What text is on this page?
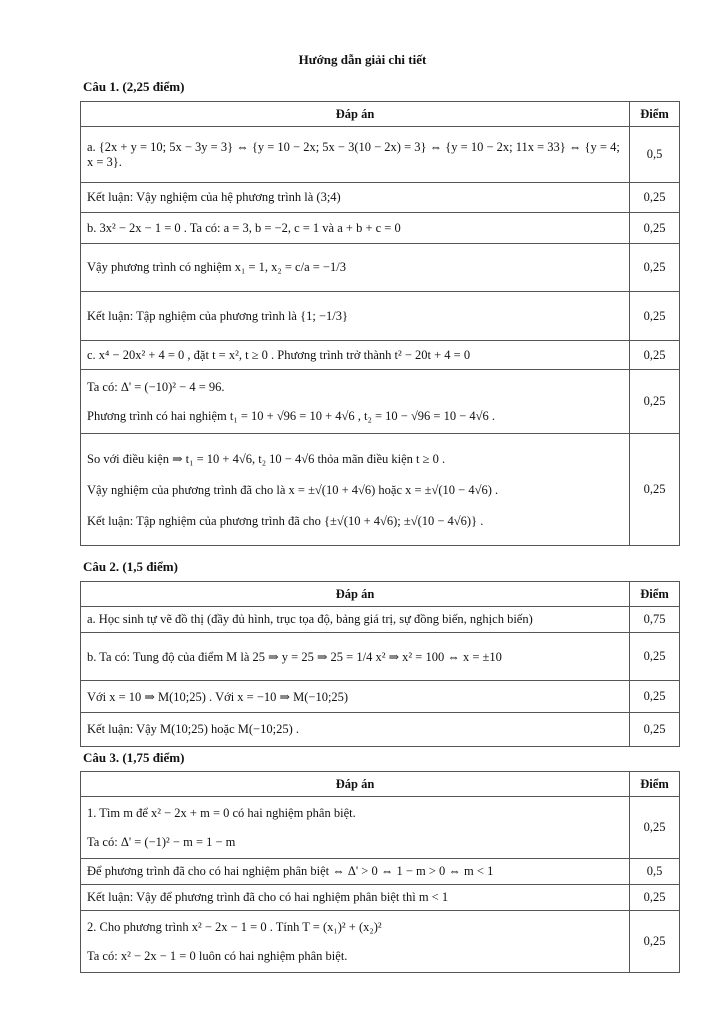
Hướng dẫn giải chi tiết
Câu 1. (2,25 điểm)
Đáp án	Điểm
a. {2x + y = 10; 5x − 3y = 3} ⇔ {y = 10 − 2x; 5x − 3(10 − 2x) = 3} ⇔ {y = 10 − 2x; 11x = 33} ⇔ {y = 4; x = 3}.	0,5
Kết luận: Vậy nghiệm của hệ phương trình là (3;4)	0,25
b. 3x² − 2x − 1 = 0 . Ta có: a = 3, b = −2, c = 1 và a + b + c = 0	0,25
Vậy phương trình có nghiệm x₁ = 1, x₂ = c/a = −1/3	0,25
Kết luận: Tập nghiệm của phương trình là {1; −1/3}	0,25
c. x⁴ − 20x² + 4 = 0 , đặt t = x², t ≥ 0 . Phương trình trở thành t² − 20t + 4 = 0	0,25

Ta có: Δ' = (−10)² − 4 = 96.
Phương trình có hai nghiệm t₁ = 10 + √96 = 10 + 4√6 , t₂ = 10 − √96 = 10 − 4√6 .	0,25

So với điều kiện ⇒ t₁ = 10 + 4√6, t₂ 10 − 4√6 thỏa mãn điều kiện t ≥ 0 .
Vậy nghiệm của phương trình đã cho là x = ±√(10 + 4√6) hoặc x = ±√(10 − 4√6) .
Kết luận: Tập nghiệm của phương trình đã cho {±√(10 + 4√6); ±√(10 − 4√6)} .	0,25
Câu 2. (1,5 điểm)
Đáp án	Điểm
a. Học sinh tự vẽ đồ thị (đầy đủ hình, trục tọa độ, bảng giá trị, sự đồng biến, nghịch biến)	0,75
b. Ta có: Tung độ của điểm M là 25 ⇒ y = 25 ⇒ 25 = 1/4 x² ⇒ x² = 100 ⇔ x = ±10	0,25
Với x = 10 ⇒ M(10;25) . Với x = −10 ⇒ M(−10;25)	0,25
Kết luận: Vậy M(10;25) hoặc M(−10;25) .	0,25
Câu 3. (1,75 điểm)
Đáp án	Điểm

1. Tìm m để x² − 2x + m = 0 có hai nghiệm phân biệt.
Ta có: Δ' = (−1)² − m = 1 − m	0,25
Để phương trình đã cho có hai nghiệm phân biệt ⇔ Δ' > 0 ⇔ 1 − m > 0 ⇔ m < 1	0,5
Kết luận: Vậy để phương trình đã cho có hai nghiệm phân biệt thì m < 1	0,25

2. Cho phương trình x² − 2x − 1 = 0 . Tính T = (x₁)² + (x₂)²
Ta có: x² − 2x − 1 = 0 luôn có hai nghiệm phân biệt.	0,25
